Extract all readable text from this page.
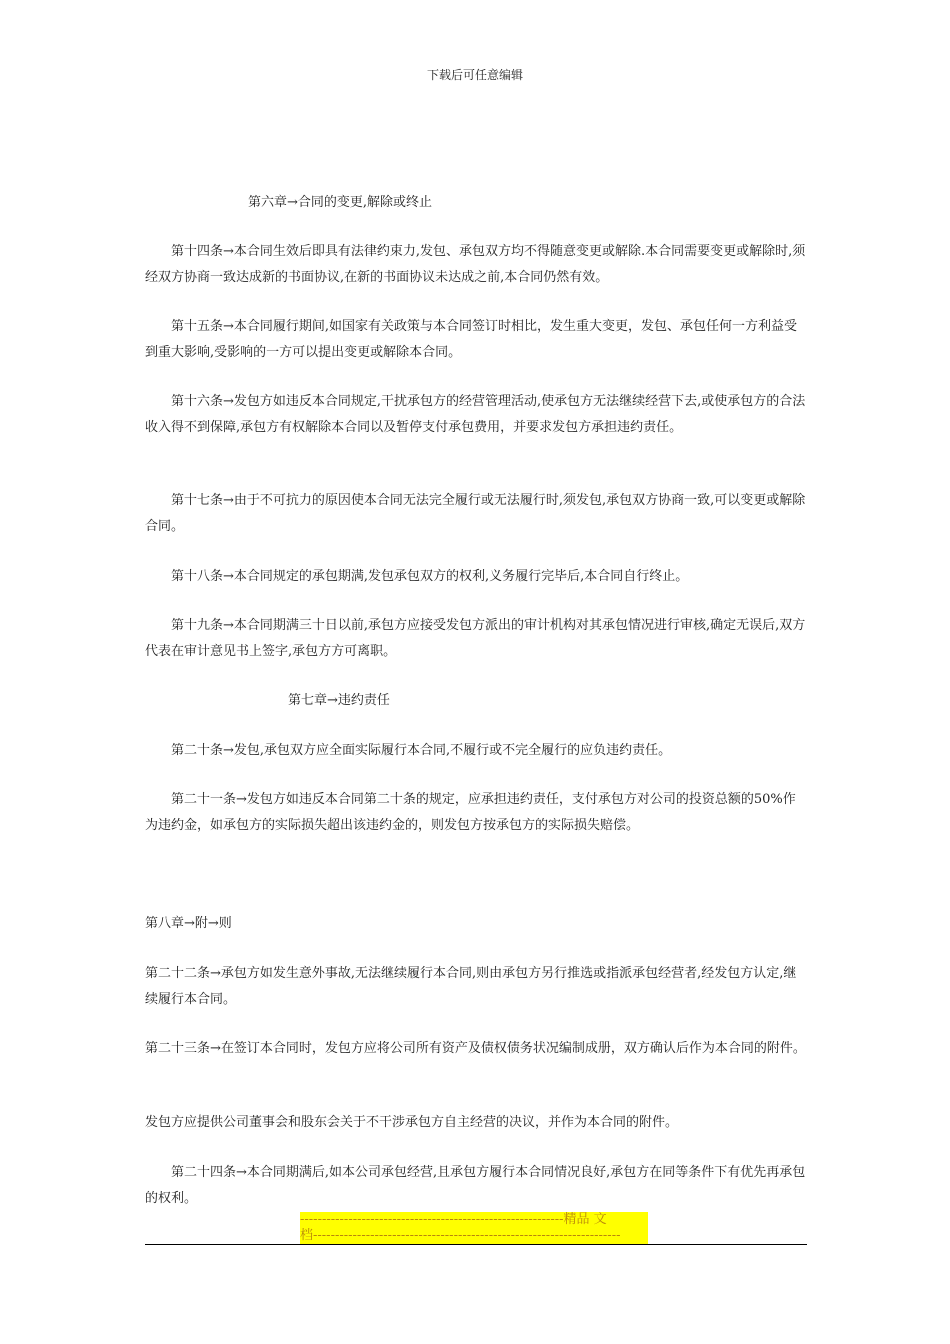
下载后可任意编辑

第六章→合同的变更,解除或终止

第十四条→本合同生效后即具有法律约束力,发包、承包双方均不得随意变更或解除.本合同需要变更或解除时,须经双方协商一致达成新的书面协议,在新的书面协议未达成之前,本合同仍然有效。

第十五条→本合同履行期间,如国家有关政策与本合同签订时相比，发生重大变更，发包、承包任何一方利益受到重大影响,受影响的一方可以提出变更或解除本合同。

第十六条→发包方如违反本合同规定,干扰承包方的经营管理活动,使承包方无法继续经营下去,或使承包方的合法收入得不到保障,承包方有权解除本合同以及暂停支付承包费用，并要求发包方承担违约责任。

第十七条→由于不可抗力的原因使本合同无法完全履行或无法履行时,须发包,承包双方协商一致,可以变更或解除合同。

第十八条→本合同规定的承包期满,发包承包双方的权利,义务履行完毕后,本合同自行终止。

第十九条→本合同期满三十日以前,承包方应接受发包方派出的审计机构对其承包情况进行审核,确定无误后,双方代表在审计意见书上签字,承包方方可离职。

第七章→违约责任

第二十条→发包,承包双方应全面实际履行本合同,不履行或不完全履行的应负违约责任。

第二十一条→发包方如违反本合同第二十条的规定，应承担违约责任，支付承包方对公司的投资总额的50%作为违约金，如承包方的实际损失超出该违约金的，则发包方按承包方的实际损失赔偿。

第八章→附→则

第二十二条→承包方如发生意外事故,无法继续履行本合同,则由承包方另行推选或指派承包经营者,经发包方认定,继续履行本合同。

第二十三条→在签订本合同时，发包方应将公司所有资产及债权债务状况编制成册，双方确认后作为本合同的附件。

发包方应提供公司董事会和股东会关于不干涉承包方自主经营的决议，并作为本合同的附件。

第二十四条→本合同期满后,如本公司承包经营,且承包方履行本合同情况良好,承包方在同等条件下有优先再承包的权利。

------------------------------------------------------------精品 文

档----------------------------------------------------------------------
